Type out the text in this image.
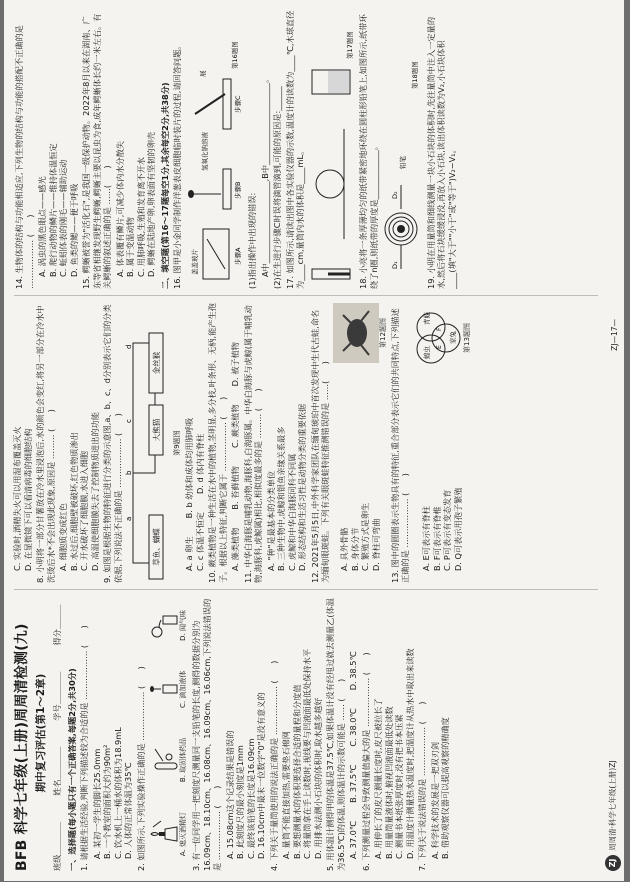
BFB 科学七年级(上册)周周清检测(九) 期中复习评估(第1～2章)
班级＿＿＿＿
姓名＿＿＿＿
学号＿＿＿＿
得分＿＿＿
一、选择题(每小题只有一个正确答案,每题2分,共30分) 1. 请根据生活经验,判断下列描述较为合适的是 ……………… (　　) A. 某初一学生的脚长25.0mm B. 一个教室的面积大约为90m² C. 饮水机上一桶水的体积为18.9mL D. 人体的正常体温为35℃ 2. 如图所示,下列实验操作正确的是 ……………… (　　)	A. 熄灭酒精灯
B. 取固体药品
C. 滴加液体
D. 闻气味 3. 有一位同学用一把刻度尺测量同一支铅笔的长度,测得的数据分别为16.09cm、18.10cm、16.08cm、16.09cm、16.06cm,下列说法错误的是 ……………… (　　) A. 15.08cm这个记录结果是错误的 B. 此刻度尺的最小刻度是1mm C. 最终该铅笔的长度是16.09cm D. 16.10cm中最末一位数字"0"是没有意义的 4. 下列关于量筒使用的说法正确的是 ……………… (　　) A. 量筒不能直接加热,需要垫石棉网 B. 要想测量水的体积要选择合适的量程和分度值 C. 将量筒拿在手上读数时,视线要与凹液面最低处保持水平 D. 用排水法测小石块的体积时,取水越多越好 5. 用体温计测得甲的体温是37.5℃,如果体温计没有经甩过就去测量乙(体温为36.5℃)的体温,则体温计的示数可能是 …… (　　) A. 37.0℃
B. 37.5℃
C. 38.0℃
D. 38.5℃ 6. 下列测量过程会导致测量值偏大的是 ……………… (　　) A. 用伸长了的皮尺测量长度时,皮尺被拉长了 B. 用量筒量液体时,俯视凹液面最低处读数 C. 测量书本纸张厚度时,没有把书本压紧 D. 用温度计测量热水温度时,把温度计从热水中取出来读数 7. 下列关于说法错误的是 ……………… (　　) A. 科学技术的发展是一把双刃剑 B. 借助观察仪器可以提高观察的精确度
C. 实验时,酒精失火可以用湿布覆盖灭火 D. 在显微镜下可以看清病毒的细胞结构 8. 小明将一部分甘薯放在冷水里浸泡后,水的颜色会变红,将另一部分在冷水中洗烫后水*不会出现此现象,原因是 ……… (　　) A. 细胞质变成红色 B. 水过后,细胞壁被破坏,红色物质渗出 C. 开水破坏了细胞膜,水进入细胞 D. 高温使细胞膜失去了控制物质进出的功能 9. 如图是根据生物的特征进行分类的示意图,a、b、c、d分别表示它们的分类依据,下列说法不正确的是 ……………… (　　)	草鱼、蝴蝶
大熊猫
金丝猴
a
b
c
d
第9题图
A. a 卵生
B. b 幼体和成体均用肺呼吸
C. c 体温不恒定
D. d 体内有脊柱 10. 蕨类植物是一种生活在水中的植物,茎明显,多分枝,叶条形、无柄,能产生孢子。根据以上特征,判断它属于 ……………… (　　) A. 藻类植物
B. 苔藓植物
C. 蕨类植物
D. 被子植物 11. 中华白海豚是哺乳动物,海豚科,白海豚属。中华白海豚与虎鲸(属于哺乳动物,海豚科,虎鲸属)相比,相似度最多的是 ……… (　　) A. "种"是最基本的分类单位 B. 三种生物中,虎鲸和银鱼亲缘关系最多 C. 虎鲸和中华白海豚同科不同属 D. 形态结构和生活习性是动物分类的重要依据 12. 2021年5月5日,中外科学家团队在缅甸琥珀中首次发现中生代古蛙,命名为缅甸眼斑蛙。下列有关眼斑蛙特征推测错误的是 ……(　　) A. 具外骨骼 B. 身体分节 C. 繁殖方式是卵生 D. 脊柱可弯曲
第12题图 13. 图中的圆圈表示生物具有的特征,重合部分表示它们的共同特点,下列描述正确的是 ……………… (　　) A. E可表示有脊柱 B. F可表示有脊椎 C. P可表示有变态发育 D. Q可表示用孢子繁殖
蝗虫
青蛙
家兔
E
F	第13题图
14. 生物体的结构与功能相适应,下列生物的结构与功能的搭配不正确的是 ……………… (　　) A. 涡虫的黑色眼点——感光 B. 爬行动物的鳞片——维持体温恒定 C. 蚯蚓体表的刚毛——辅助运动 D. 鱼类的鳃——便于呼吸 15. 鳄蜥被誉为"活化石",是我国一级保护动物。2022年8月以来在湖南、广东等省相继发现野生鳄蜥,鳄蜥主要以昆虫为食,成年鳄蜥体长约一米左右。有关鳄蜥的叙述正确的是 ……(　　) A. 体表覆有鳞片,可减少体内水分散失 B. 属于变温动物 C. 用肺呼吸,生殖和发育离不开水 D. 鳄蜥在陆地产卵,卵表面有坚韧的卵壳 二、填空题(第16～17题每空1分,其余每空2分,共38分) 16. 图甲是小金同学制作洋葱表皮细胞临时装片的过程,请回答问题。 盖盖玻片	步骤A
步骤B
步骤C
展
氢氧化钠溶液
第16题图
(1)指出操作中出现的错误: A中____________________,B中____________________。 (2)在生进行步骤C时误将滴管滴到,可能的原因是:______ 17. 如图所示,请读出图中各实验仪器的示数,温度计的读数为____℃,木球直径为____cm,量筒内水的体积是____mL。
第17题图 18. 小亮将一条厚薄均匀的纸带紧密地环绕在圆柱形铅笔上,如图所示,纸带环绕了n圈,则纸带的厚度是____________。 D₁
D₂
铅笔
第18题图 19. 小明在用量筒和细线测量一块小石块的体积时,先往量筒中注入一定量的水,然后将石块缓缓浸没,再放入小石块,读出体积读数为V₂,小石块体积____(填"大于""小于"或"等于")V₂−V₁。
ZJ
周周清·科学七年级(上册)ZJ
ZJ—17—
